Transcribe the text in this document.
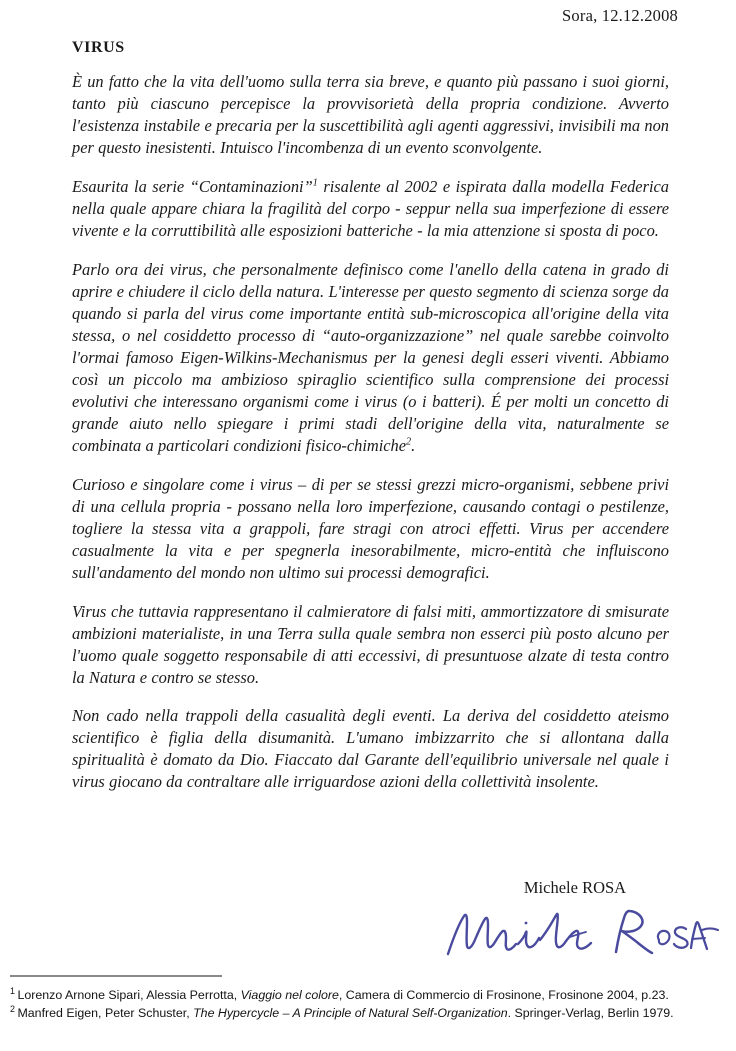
Sora, 12.12.2008
VIRUS

È un fatto che la vita dell'uomo sulla terra sia breve, e quanto più passano i suoi giorni, tanto più ciascuno percepisce la provvisorietà della propria condizione. Avverto l'esistenza instabile e precaria per la suscettibilità agli agenti aggressivi, invisibili ma non per questo inesistenti. Intuisco l'incombenza di un evento sconvolgente.

Esaurita la serie “Contaminazioni”$^1$ risalente al 2002 e ispirata dalla modella Federica nella quale appare chiara la fragilità del corpo - seppur nella sua imperfezione di essere vivente e la corruttibilità alle esposizioni batteriche - la mia attenzione si sposta di poco.

Parlo ora dei virus, che personalmente definisco come l'anello della catena in grado di aprire e chiudere il ciclo della natura. L'interesse per questo segmento di scienza sorge da quando si parla del virus come importante entità sub-microscopica all'origine della vita stessa, o nel cosiddetto processo di “auto-organizzazione” nel quale sarebbe coinvolto l'ormai famoso Eigen-Wilkins-Mechanismus per la genesi degli esseri viventi. Abbiamo così un piccolo ma ambizioso spiraglio scientifico sulla comprensione dei processi evolutivi che interessano organismi come i virus (o i batteri). É per molti un concetto di grande aiuto nello spiegare i primi stadi dell'origine della vita, naturalmente se combinata a particolari condizioni fisico-chimiche$^2$.

Curioso e singolare come i virus – di per se stessi grezzi micro-organismi, sebbene privi di una cellula propria - possano nella loro imperfezione, causando contagi o pestilenze, togliere la stessa vita a grappoli, fare stragi con atroci effetti. Virus per accendere casualmente la vita e per spegnerla inesorabilmente, micro-entità che influiscono sull'andamento del mondo non ultimo sui processi demografici.

Virus che tuttavia rappresentano il calmieratore di falsi miti, ammortizzatore di smisurate ambizioni materialiste, in una Terra sulla quale sembra non esserci più posto alcuno per l'uomo quale soggetto responsabile di atti eccessivi, di presuntuose alzate di testa contro la Natura e contro se stesso.

Non cado nella trappoli della casualità degli eventi. La deriva del cosiddetto ateismo scientifico è figlia della disumanità. L'umano imbizzarrito che si allontana dalla spiritualità è domato da Dio. Fiaccato dal Garante dell'equilibrio universale nel quale i virus giocano da contraltare alle irriguardose azioni della collettività insolente.

Michele ROSA

$^1$ Lorenzo Arnone Sipari, Alessia Perrotta, Viaggio nel colore, Camera di Commercio di Frosinone, Frosinone 2004, p.23.

$^2$ Manfred Eigen, Peter Schuster, The Hypercycle – A Principle of Natural Self-Organization. Springer-Verlag, Berlin 1979.
